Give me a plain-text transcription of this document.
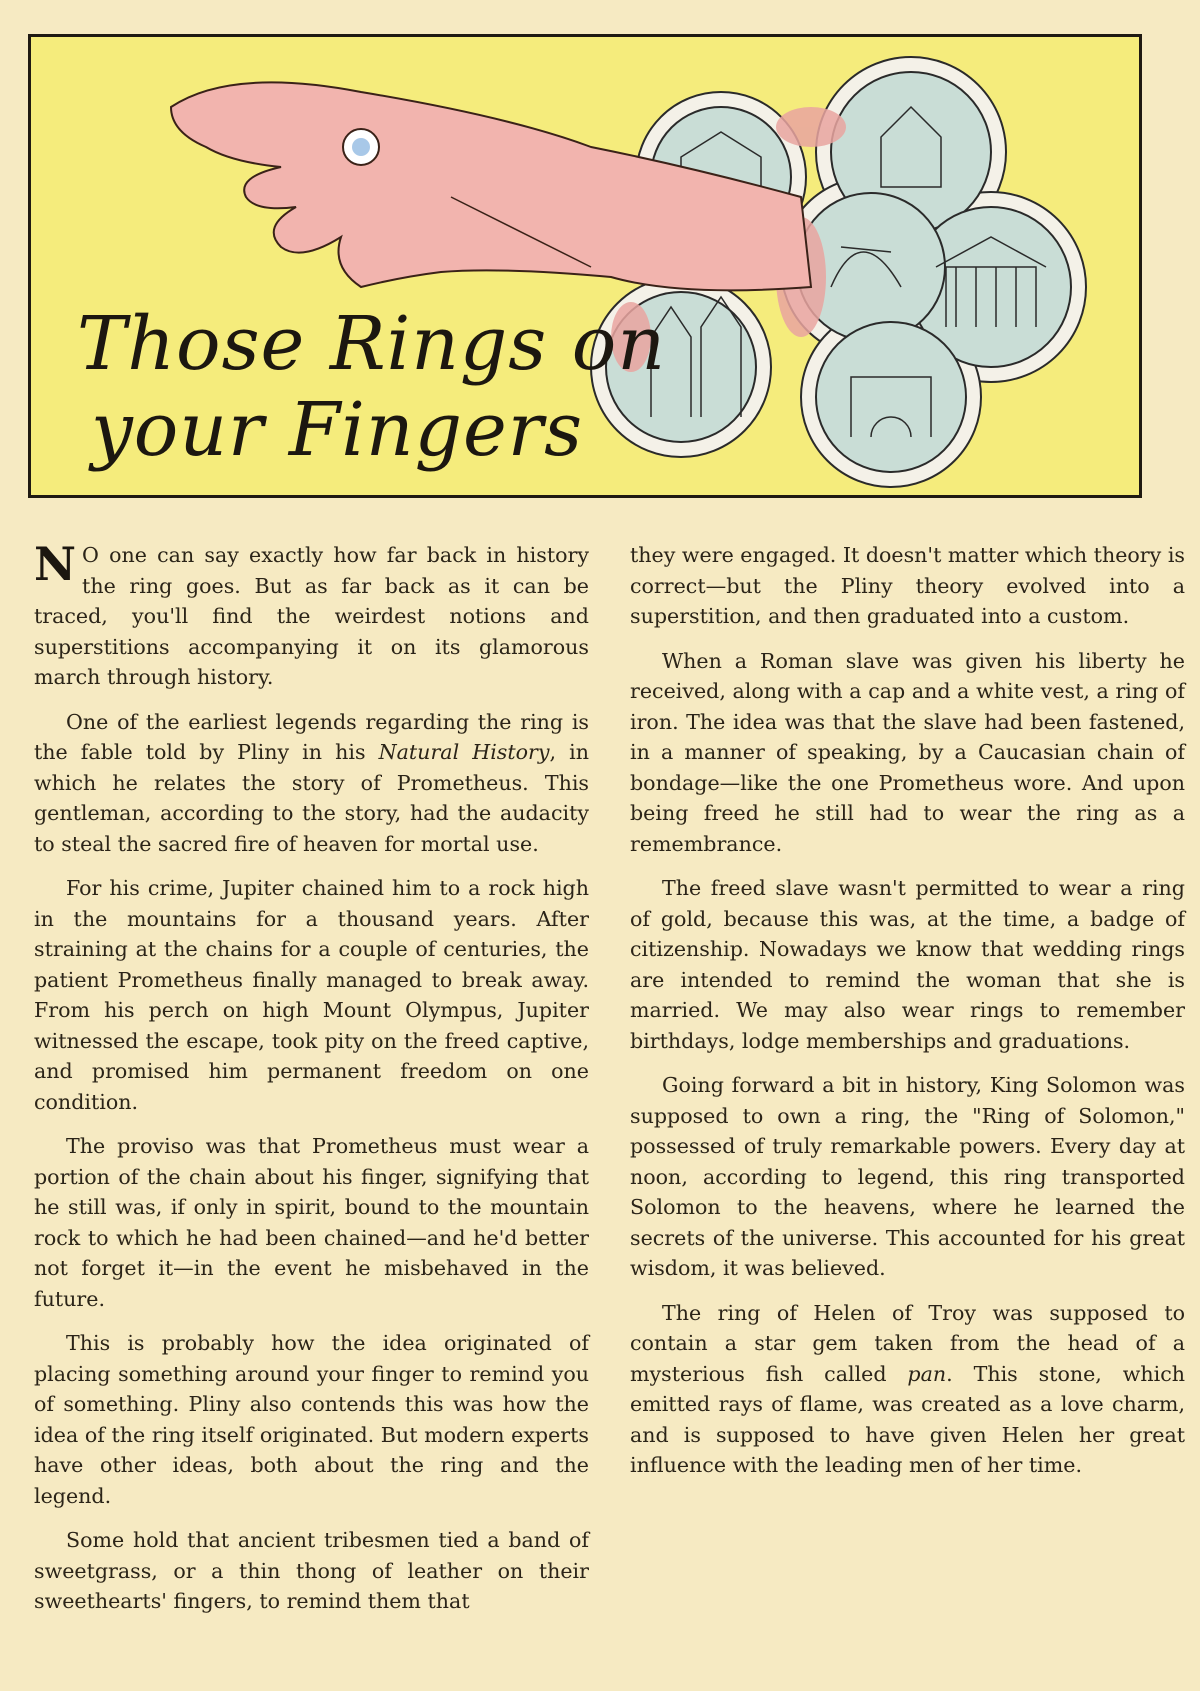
Those Rings on
your Fingers

N O one can say exactly how far back in history the ring goes. But as far back as it can be traced, you'll find the weirdest notions and superstitions accompanying it on its glamorous march through history.

One of the earliest legends regarding the ring is the fable told by Pliny in his Natural History, in which he relates the story of Prometheus. This gentleman, according to the story, had the audacity to steal the sacred fire of heaven for mortal use.

For his crime, Jupiter chained him to a rock high in the mountains for a thousand years. After straining at the chains for a couple of centuries, the patient Prometheus finally managed to break away. From his perch on high Mount Olympus, Jupiter witnessed the escape, took pity on the freed captive, and promised him permanent freedom on one condition.

The proviso was that Prometheus must wear a portion of the chain about his finger, signifying that he still was, if only in spirit, bound to the mountain rock to which he had been chained—and he'd better not forget it—in the event he misbehaved in the future.

This is probably how the idea originated of placing something around your finger to remind you of something. Pliny also contends this was how the idea of the ring itself originated. But modern experts have other ideas, both about the ring and the legend.

Some hold that ancient tribesmen tied a band of sweetgrass, or a thin thong of leather on their sweethearts' fingers, to remind them that

they were engaged. It doesn't matter which theory is correct—but the Pliny theory evolved into a superstition, and then graduated into a custom.

When a Roman slave was given his liberty he received, along with a cap and a white vest, a ring of iron. The idea was that the slave had been fastened, in a manner of speaking, by a Caucasian chain of bondage—like the one Prometheus wore. And upon being freed he still had to wear the ring as a remembrance.

The freed slave wasn't permitted to wear a ring of gold, because this was, at the time, a badge of citizenship. Nowadays we know that wedding rings are intended to remind the woman that she is married. We may also wear rings to remember birthdays, lodge memberships and graduations.

Going forward a bit in history, King Solomon was supposed to own a ring, the "Ring of Solomon," possessed of truly remarkable powers. Every day at noon, according to legend, this ring transported Solomon to the heavens, where he learned the secrets of the universe. This accounted for his great wisdom, it was believed.

The ring of Helen of Troy was supposed to contain a star gem taken from the head of a mysterious fish called pan. This stone, which emitted rays of flame, was created as a love charm, and is supposed to have given Helen her great influence with the leading men of her time.
